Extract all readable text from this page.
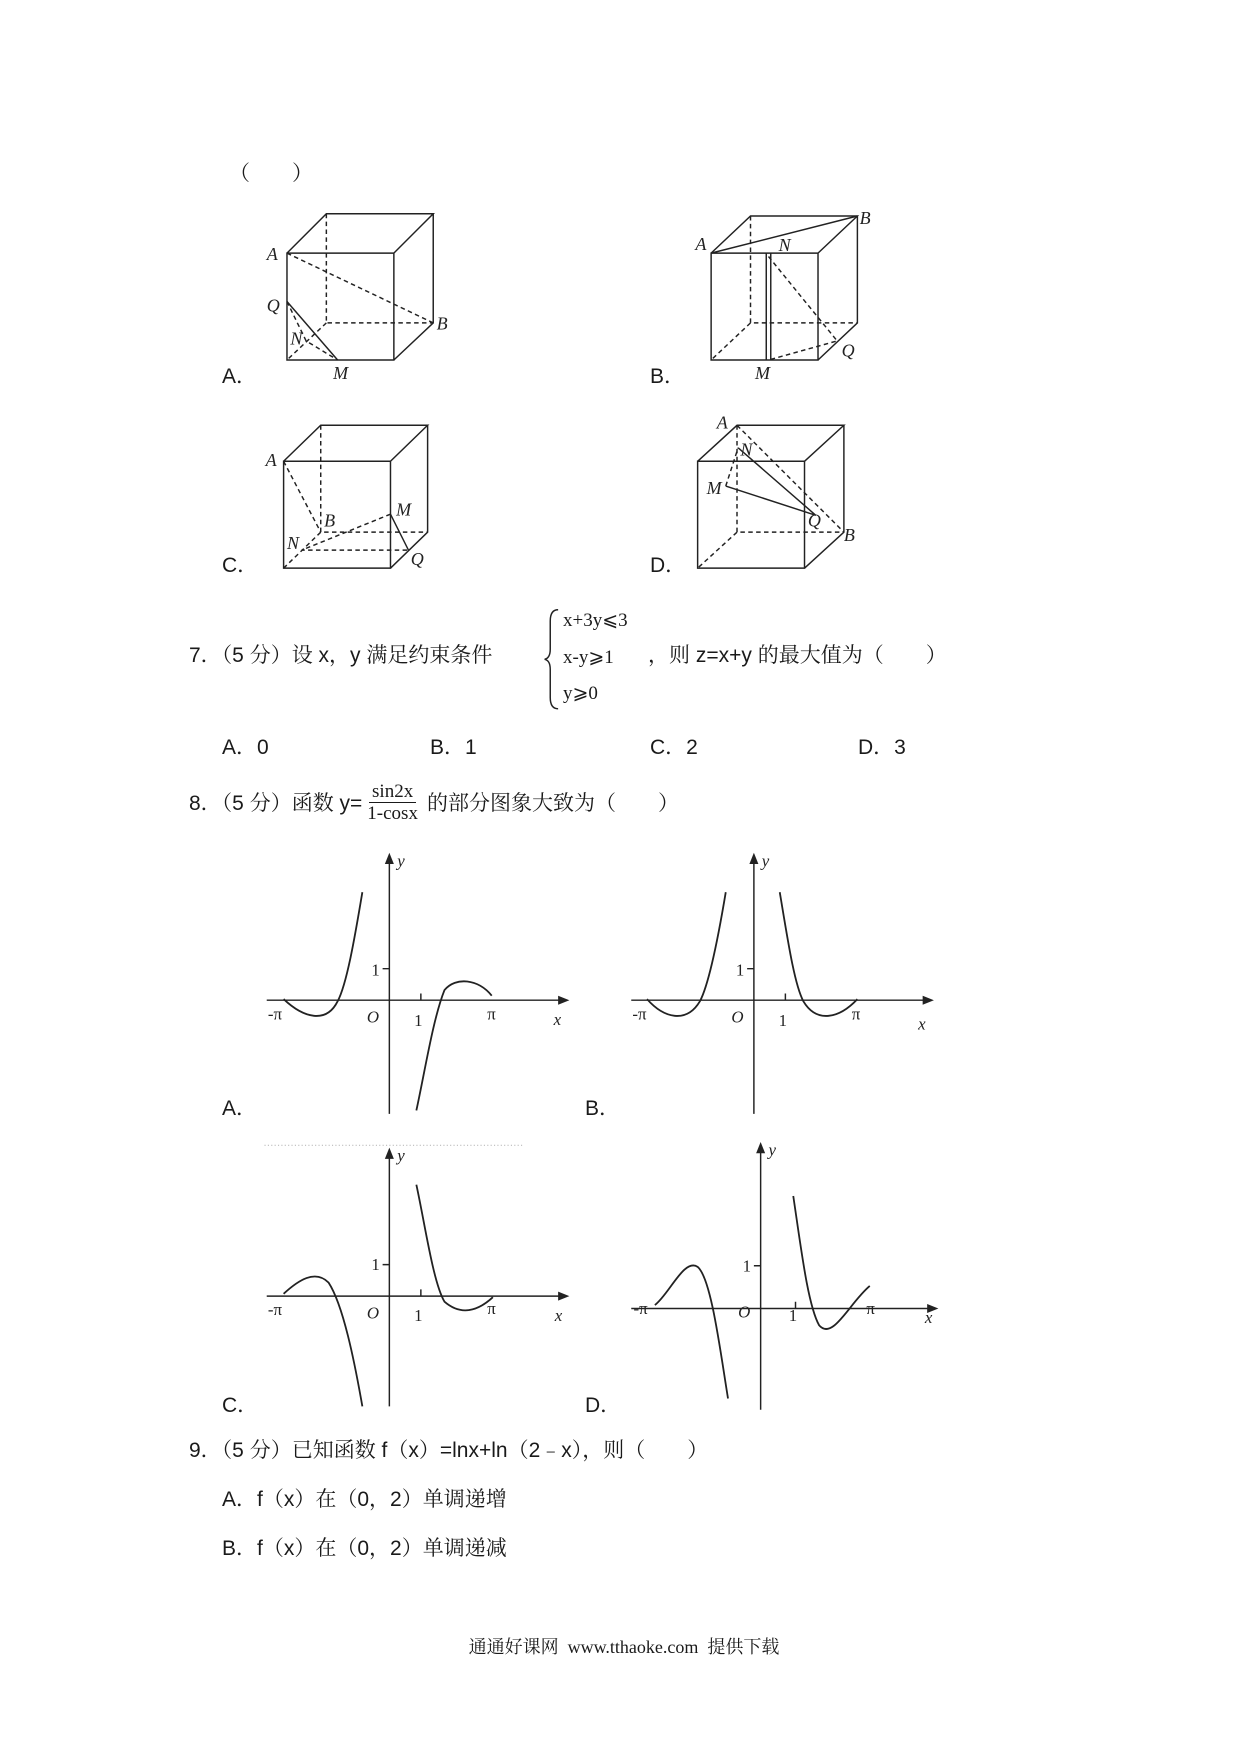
A
Q
N
M
B
A
B
N
M
Q
A
B
M
N
Q
A
N
M
Q
B
y
1
-π	O 1	π	x
y
1
-π	O 1	π
x
y
1
-π	O 1	π	x
y
1
-π	O	1	π	x
（　　）
A．	B．
C．	D．
7．（5 分）设 x，y 满足约束条件
x+3y⩽3
x-y⩾1
y⩾0
，则 z=x+y 的最大值为（　　）
A．0	B．1	C．2	D．3
8．（5 分）函数 $y= \frac{\sin 2x}{1-\cos x}$ 的部分图象大致为（　　）
A．	B．
C．	D．
9．（5 分）已知函数 f（x）=lnx+ln（2﹣x），则（　　）
A．f（x）在（0，2）单调递增
B．f（x）在（0，2）单调递减
通通好课网  www.tthaoke.com  提供下载
